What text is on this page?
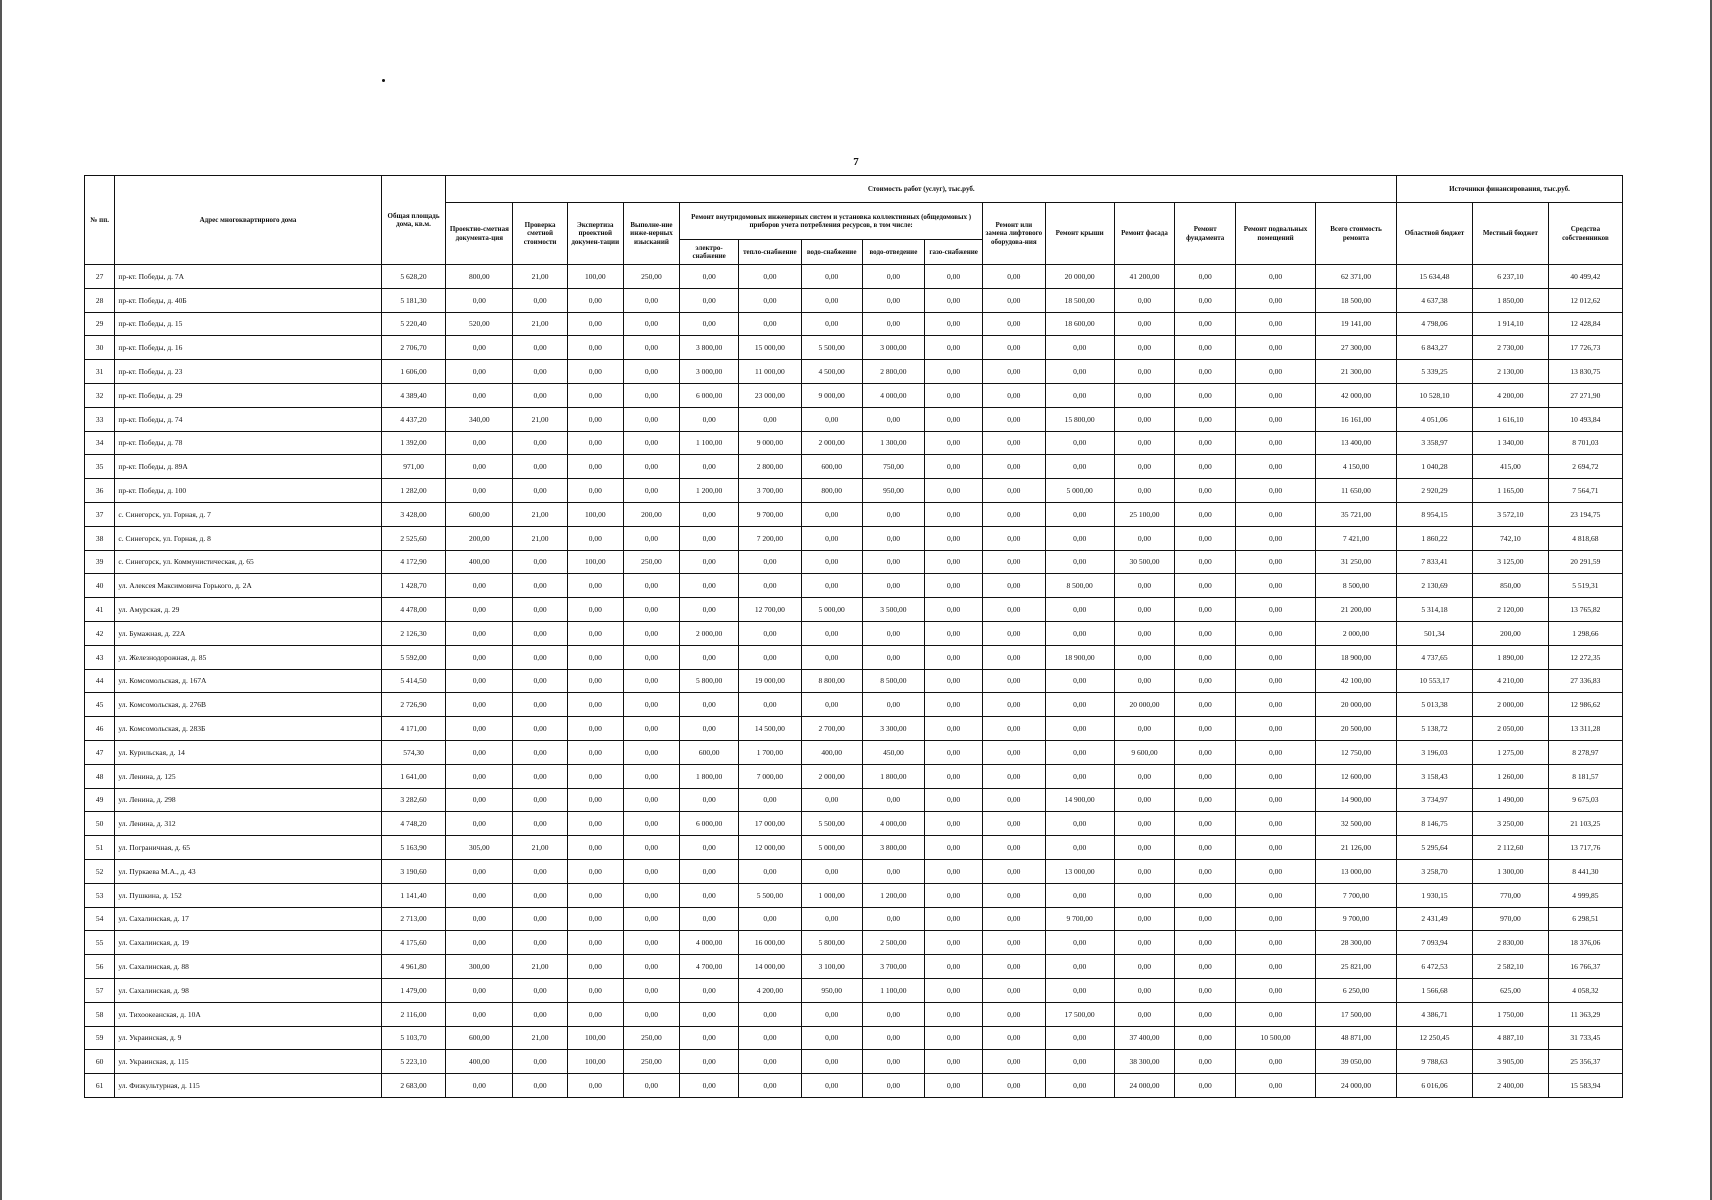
7
№ пп.	Адрес многоквартирного дома	Общая площадь дома, кв.м.	Стоимость работ (услуг), тыс.руб.															Источники финансирования, тыс.руб.		
			Проектно-сметная документа-ция	Проверка сметной стоимости	Экспертиза проектной докумен-тации	Выполне-ние инже-нерных изысканий	Ремонт внутридомовых инженерных систем и установка коллективных (общедомовых ) приборов учета потребления ресурсов, в том числе:					Ремонт или замена лифтового оборудова-ния	Ремонт крыши	Ремонт фасада	Ремонт фундамента	Ремонт подвальных помещений	Всего стоимость ремонта	Областной бюджет	Местный бюджет	Средства собственников
							электро-снабжение	тепло-снабжение	водо-снабжение	водо-отведение	газо-снабжение									
27	пр-кт. Победы, д. 7А	5 628,20	800,00	21,00	100,00	250,00	0,00	0,00	0,00	0,00	0,00	0,00	20 000,00	41 200,00	0,00	0,00	62 371,00	15 634,48	6 237,10	40 499,42
28	пр-кт. Победы, д. 40Б	5 181,30	0,00	0,00	0,00	0,00	0,00	0,00	0,00	0,00	0,00	0,00	18 500,00	0,00	0,00	0,00	18 500,00	4 637,38	1 850,00	12 012,62
29	пр-кт. Победы, д. 15	5 220,40	520,00	21,00	0,00	0,00	0,00	0,00	0,00	0,00	0,00	0,00	18 600,00	0,00	0,00	0,00	19 141,00	4 798,06	1 914,10	12 428,84
30	пр-кт. Победы, д. 16	2 706,70	0,00	0,00	0,00	0,00	3 800,00	15 000,00	5 500,00	3 000,00	0,00	0,00	0,00	0,00	0,00	0,00	27 300,00	6 843,27	2 730,00	17 726,73
31	пр-кт. Победы, д. 23	1 606,00	0,00	0,00	0,00	0,00	3 000,00	11 000,00	4 500,00	2 800,00	0,00	0,00	0,00	0,00	0,00	0,00	21 300,00	5 339,25	2 130,00	13 830,75
32	пр-кт. Победы, д. 29	4 389,40	0,00	0,00	0,00	0,00	6 000,00	23 000,00	9 000,00	4 000,00	0,00	0,00	0,00	0,00	0,00	0,00	42 000,00	10 528,10	4 200,00	27 271,90
33	пр-кт. Победы, д. 74	4 437,20	340,00	21,00	0,00	0,00	0,00	0,00	0,00	0,00	0,00	0,00	15 800,00	0,00	0,00	0,00	16 161,00	4 051,06	1 616,10	10 493,84
34	пр-кт. Победы, д. 78	1 392,00	0,00	0,00	0,00	0,00	1 100,00	9 000,00	2 000,00	1 300,00	0,00	0,00	0,00	0,00	0,00	0,00	13 400,00	3 358,97	1 340,00	8 701,03
35	пр-кт. Победы, д. 89А	971,00	0,00	0,00	0,00	0,00	0,00	2 800,00	600,00	750,00	0,00	0,00	0,00	0,00	0,00	0,00	4 150,00	1 040,28	415,00	2 694,72
36	пр-кт. Победы, д. 100	1 282,00	0,00	0,00	0,00	0,00	1 200,00	3 700,00	800,00	950,00	0,00	0,00	5 000,00	0,00	0,00	0,00	11 650,00	2 920,29	1 165,00	7 564,71
37	с. Синегорск, ул. Горная, д. 7	3 428,00	600,00	21,00	100,00	200,00	0,00	9 700,00	0,00	0,00	0,00	0,00	0,00	25 100,00	0,00	0,00	35 721,00	8 954,15	3 572,10	23 194,75
38	с. Синегорск, ул. Горная, д. 8	2 525,60	200,00	21,00	0,00	0,00	0,00	7 200,00	0,00	0,00	0,00	0,00	0,00	0,00	0,00	0,00	7 421,00	1 860,22	742,10	4 818,68
39	с. Синегорск, ул. Коммунистическая, д. 65	4 172,90	400,00	0,00	100,00	250,00	0,00	0,00	0,00	0,00	0,00	0,00	0,00	30 500,00	0,00	0,00	31 250,00	7 833,41	3 125,00	20 291,59
40	ул. Алексея Максимовича Горького, д. 2А	1 428,70	0,00	0,00	0,00	0,00	0,00	0,00	0,00	0,00	0,00	0,00	8 500,00	0,00	0,00	0,00	8 500,00	2 130,69	850,00	5 519,31
41	ул. Амурская, д. 29	4 478,00	0,00	0,00	0,00	0,00	0,00	12 700,00	5 000,00	3 500,00	0,00	0,00	0,00	0,00	0,00	0,00	21 200,00	5 314,18	2 120,00	13 765,82
42	ул. Бумажная, д. 22А	2 126,30	0,00	0,00	0,00	0,00	2 000,00	0,00	0,00	0,00	0,00	0,00	0,00	0,00	0,00	0,00	2 000,00	501,34	200,00	1 298,66
43	ул. Железнодорожная, д. 85	5 592,00	0,00	0,00	0,00	0,00	0,00	0,00	0,00	0,00	0,00	0,00	18 900,00	0,00	0,00	0,00	18 900,00	4 737,65	1 890,00	12 272,35
44	ул. Комсомольская, д. 167А	5 414,50	0,00	0,00	0,00	0,00	5 800,00	19 000,00	8 800,00	8 500,00	0,00	0,00	0,00	0,00	0,00	0,00	42 100,00	10 553,17	4 210,00	27 336,83
45	ул. Комсомольская, д. 276В	2 726,90	0,00	0,00	0,00	0,00	0,00	0,00	0,00	0,00	0,00	0,00	0,00	20 000,00	0,00	0,00	20 000,00	5 013,38	2 000,00	12 986,62
46	ул. Комсомольская, д. 283Б	4 171,00	0,00	0,00	0,00	0,00	0,00	14 500,00	2 700,00	3 300,00	0,00	0,00	0,00	0,00	0,00	0,00	20 500,00	5 138,72	2 050,00	13 311,28
47	ул. Курильская, д. 14	574,30	0,00	0,00	0,00	0,00	600,00	1 700,00	400,00	450,00	0,00	0,00	0,00	9 600,00	0,00	0,00	12 750,00	3 196,03	1 275,00	8 278,97
48	ул. Ленина, д. 125	1 641,00	0,00	0,00	0,00	0,00	1 800,00	7 000,00	2 000,00	1 800,00	0,00	0,00	0,00	0,00	0,00	0,00	12 600,00	3 158,43	1 260,00	8 181,57
49	ул. Ленина, д. 298	3 282,60	0,00	0,00	0,00	0,00	0,00	0,00	0,00	0,00	0,00	0,00	14 900,00	0,00	0,00	0,00	14 900,00	3 734,97	1 490,00	9 675,03
50	ул. Ленина, д. 312	4 748,20	0,00	0,00	0,00	0,00	6 000,00	17 000,00	5 500,00	4 000,00	0,00	0,00	0,00	0,00	0,00	0,00	32 500,00	8 146,75	3 250,00	21 103,25
51	ул. Пограничная, д. 65	5 163,90	305,00	21,00	0,00	0,00	0,00	12 000,00	5 000,00	3 800,00	0,00	0,00	0,00	0,00	0,00	0,00	21 126,00	5 295,64	2 112,60	13 717,76
52	ул. Пуркаева М.А., д. 43	3 190,60	0,00	0,00	0,00	0,00	0,00	0,00	0,00	0,00	0,00	0,00	13 000,00	0,00	0,00	0,00	13 000,00	3 258,70	1 300,00	8 441,30
53	ул. Пушкина, д. 152	1 141,40	0,00	0,00	0,00	0,00	0,00	5 500,00	1 000,00	1 200,00	0,00	0,00	0,00	0,00	0,00	0,00	7 700,00	1 930,15	770,00	4 999,85
54	ул. Сахалинская, д. 17	2 713,00	0,00	0,00	0,00	0,00	0,00	0,00	0,00	0,00	0,00	0,00	9 700,00	0,00	0,00	0,00	9 700,00	2 431,49	970,00	6 298,51
55	ул. Сахалинская, д. 19	4 175,60	0,00	0,00	0,00	0,00	4 000,00	16 000,00	5 800,00	2 500,00	0,00	0,00	0,00	0,00	0,00	0,00	28 300,00	7 093,94	2 830,00	18 376,06
56	ул. Сахалинская, д. 88	4 961,80	300,00	21,00	0,00	0,00	4 700,00	14 000,00	3 100,00	3 700,00	0,00	0,00	0,00	0,00	0,00	0,00	25 821,00	6 472,53	2 582,10	16 766,37
57	ул. Сахалинская, д. 98	1 479,00	0,00	0,00	0,00	0,00	0,00	4 200,00	950,00	1 100,00	0,00	0,00	0,00	0,00	0,00	0,00	6 250,00	1 566,68	625,00	4 058,32
58	ул. Тихоокеанская, д. 10А	2 116,00	0,00	0,00	0,00	0,00	0,00	0,00	0,00	0,00	0,00	0,00	17 500,00	0,00	0,00	0,00	17 500,00	4 386,71	1 750,00	11 363,29
59	ул. Украинская, д. 9	5 103,70	600,00	21,00	100,00	250,00	0,00	0,00	0,00	0,00	0,00	0,00	0,00	37 400,00	0,00	10 500,00	48 871,00	12 250,45	4 887,10	31 733,45
60	ул. Украинская, д. 115	5 223,10	400,00	0,00	100,00	250,00	0,00	0,00	0,00	0,00	0,00	0,00	0,00	38 300,00	0,00	0,00	39 050,00	9 788,63	3 905,00	25 356,37
61	ул. Физкультурная, д. 115	2 683,00	0,00	0,00	0,00	0,00	0,00	0,00	0,00	0,00	0,00	0,00	0,00	24 000,00	0,00	0,00	24 000,00	6 016,06	2 400,00	15 583,94
